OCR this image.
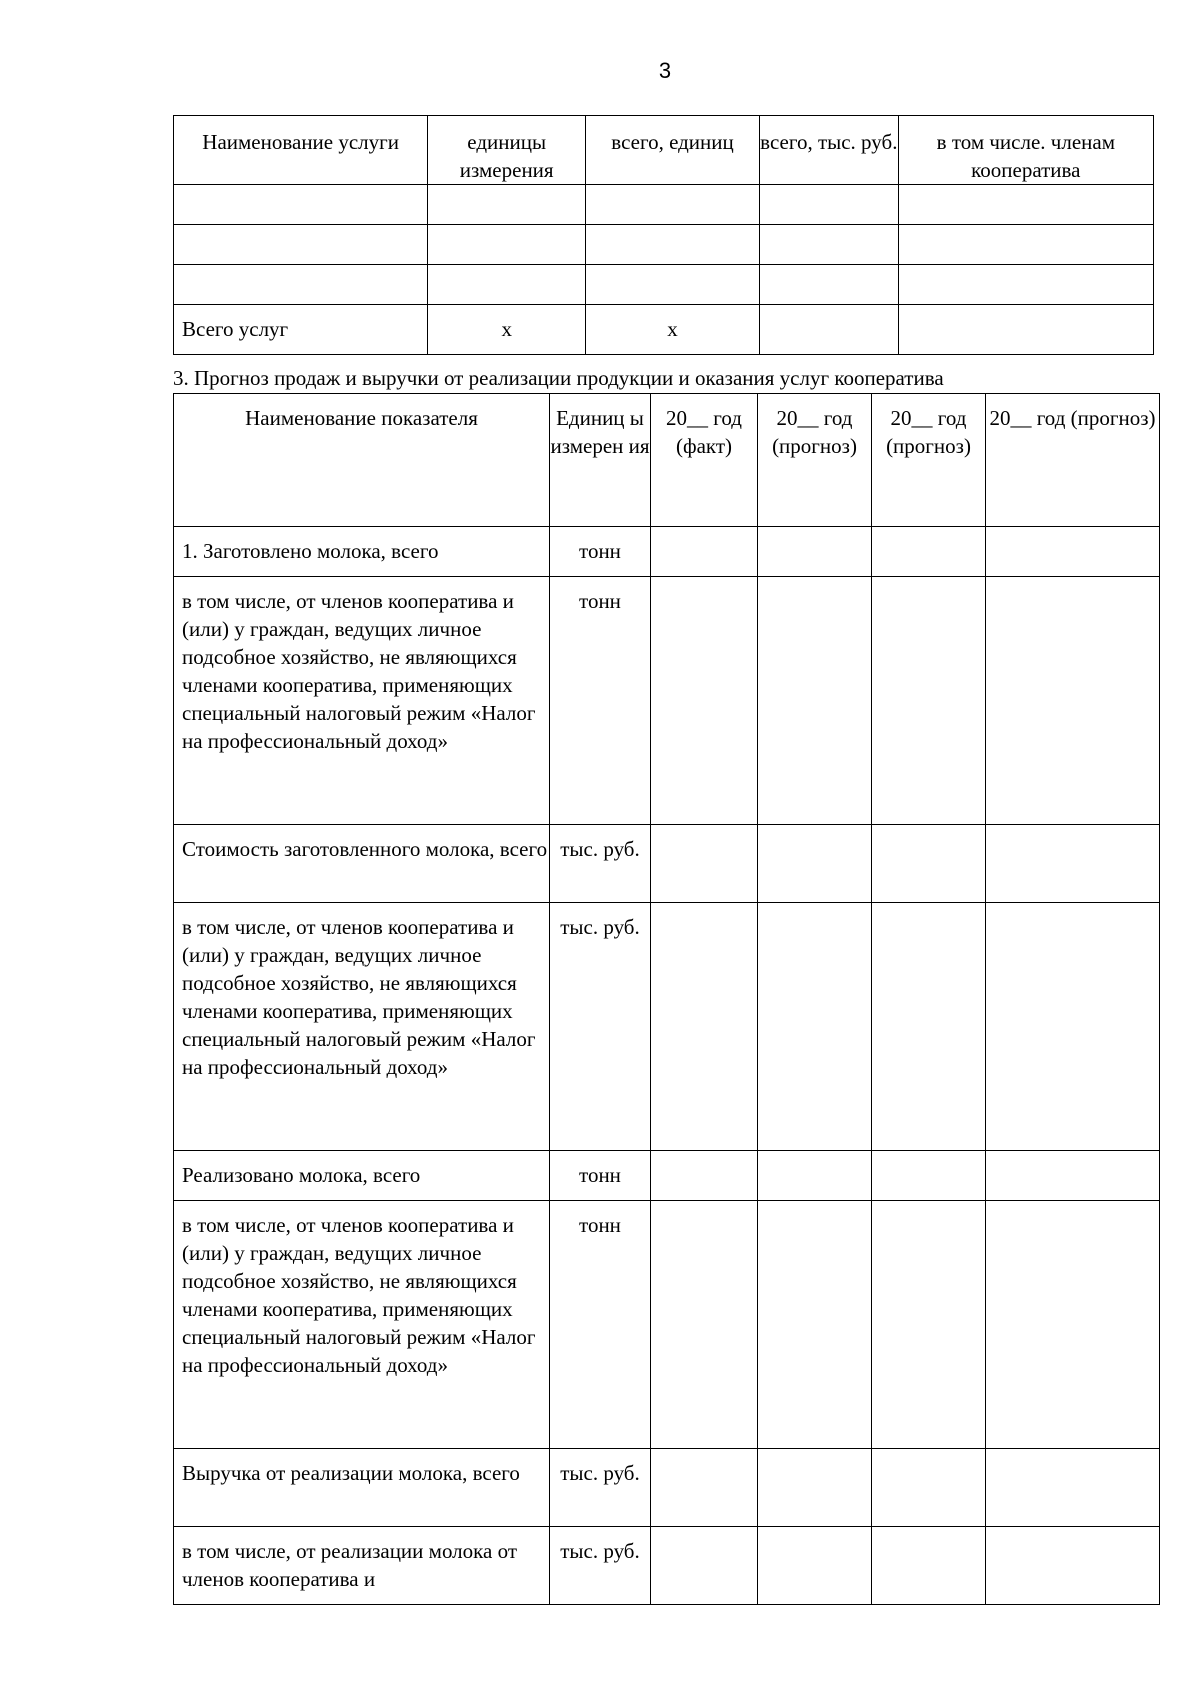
3
Наименование услуги	единицы измерения	всего, единиц	всего, тыс. руб.	в том числе. членам кооператива

Всего услуг	х	х		
3. Прогноз продаж и выручки от реализации продукции и оказания услуг кооператива
Наименование показателя	Единиц ы измерен ия	20__ год (факт)	20__ год (прогноз)	20__ год (прогноз)	20__ год (прогноз)
1. Заготовлено молока, всего	тонн				
в том числе, от членов кооператива и (или) у граждан, ведущих личное подсобное хозяйство, не являющихся членами кооператива, применяющих специальный налоговый режим «Налог на профессиональный доход»	тонн				
Стоимость заготовленного молока, всего	тыс. руб.				
в том числе, от членов кооператива и (или) у граждан, ведущих личное подсобное хозяйство, не являющихся членами кооператива, применяющих специальный налоговый режим «Налог на профессиональный доход»	тыс. руб.				
Реализовано молока, всего	тонн				
в том числе, от членов кооператива и (или) у граждан, ведущих личное подсобное хозяйство, не являющихся членами кооператива, применяющих специальный налоговый режим «Налог на профессиональный доход»	тонн				
Выручка от реализации молока, всего	тыс. руб.				
в том числе, от реализации молока от членов кооператива и	тыс. руб.				
